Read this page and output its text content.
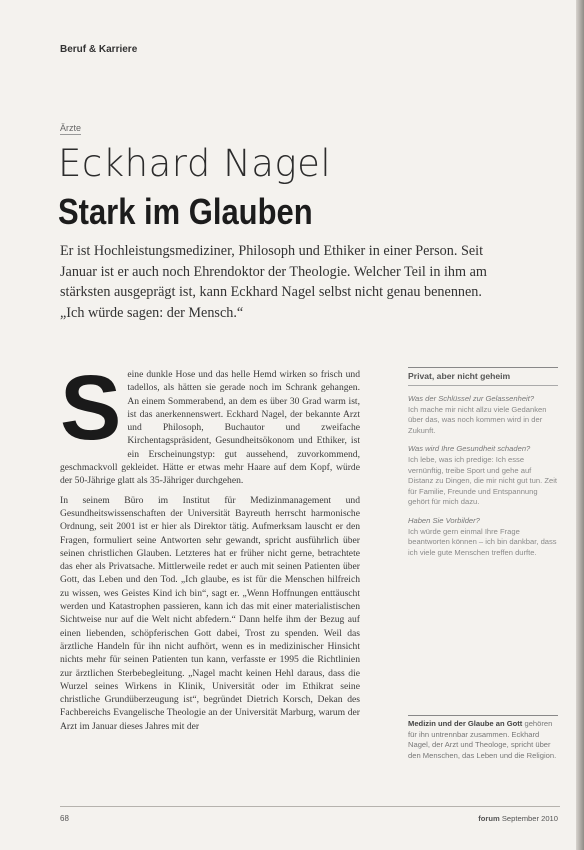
Beruf & Karriere
Ärzte
Eckhard Nagel
Stark im Glauben
Er ist Hochleistungsmediziner, Philosoph und Ethiker in einer Person. Seit Januar ist er auch noch Ehrendoktor der Theologie. Welcher Teil in ihm am stärksten ausgeprägt ist, kann Eckhard Nagel selbst nicht genau benennen. „Ich würde sagen: der Mensch.“

S eine dunkle Hose und das helle Hemd wirken so frisch und tadellos, als hätten sie gerade noch im Schrank gehangen. An einem Sommerabend, an dem es über 30 Grad warm ist, ist das anerkennenswert. Eckhard Nagel, der bekannte Arzt und Philosoph, Buchautor und zweifache Kirchentagspräsident, Gesundheitsökonom und Ethiker, ist ein Erscheinungstyp: gut aussehend, zuvorkommend, geschmackvoll gekleidet. Hätte er etwas mehr Haare auf dem Kopf, würde der 50-Jährige glatt als 35-Jähriger durchgehen.

In seinem Büro im Institut für Medizinmanagement und Gesundheitswissenschaften der Universität Bayreuth herrscht harmonische Ordnung, seit 2001 ist er hier als Direktor tätig. Aufmerksam lauscht er den Fragen, formuliert seine Antworten sehr gewandt, spricht ausführlich über seinen christlichen Glauben. Letzteres hat er früher nicht gerne, betrachtete das eher als Privatsache. Mittlerweile redet er auch mit seinen Patienten über Gott, das Leben und den Tod. „Ich glaube, es ist für die Menschen hilfreich zu wissen, wes Geistes Kind ich bin“, sagt er. „Wenn Hoffnungen enttäuscht werden und Katastrophen passieren, kann ich das mit einer materialistischen Sichtweise nur auf die Welt nicht abfedern.“ Dann helfe ihm der Bezug auf einen liebenden, schöpferischen Gott dabei, Trost zu spenden. Weil das ärztliche Handeln für ihn nicht aufhört, wenn es in medizinischer Hinsicht nichts mehr für seinen Patienten tun kann, verfasste er 1995 die Richtlinien zur ärztlichen Sterbebegleitung. „Nagel macht keinen Hehl daraus, dass die Wurzel seines Wirkens in Klinik, Universität oder im Ethikrat seine christliche Grundüberzeugung ist“, begründet Dietrich Korsch, Dekan des Fachbereichs Evangelische Theologie an der Universität Marburg, warum der Arzt im Januar dieses Jahres mit der

Privat, aber nicht geheim
Was der Schlüssel zur Gelassenheit?
Ich mache mir nicht allzu viele Gedanken über das, was noch kommen wird in der Zukunft.
Was wird Ihre Gesundheit schaden?
Ich lebe, was ich predige: Ich esse vernünftig, treibe Sport und gehe auf Distanz zu Dingen, die mir nicht gut tun. Zeit für Familie, Freunde und Entspannung gehört für mich dazu.
Haben Sie Vorbilder?
Ich würde gern einmal Ihre Frage beantworten können – ich bin dankbar, dass ich viele gute Menschen treffen durfte.
Medizin und der Glaube an Gott gehören für ihn untrennbar zusammen. Eckhard Nagel, der Arzt und Theologe, spricht über den Menschen, das Leben und die Religion.
68	forum September 2010
